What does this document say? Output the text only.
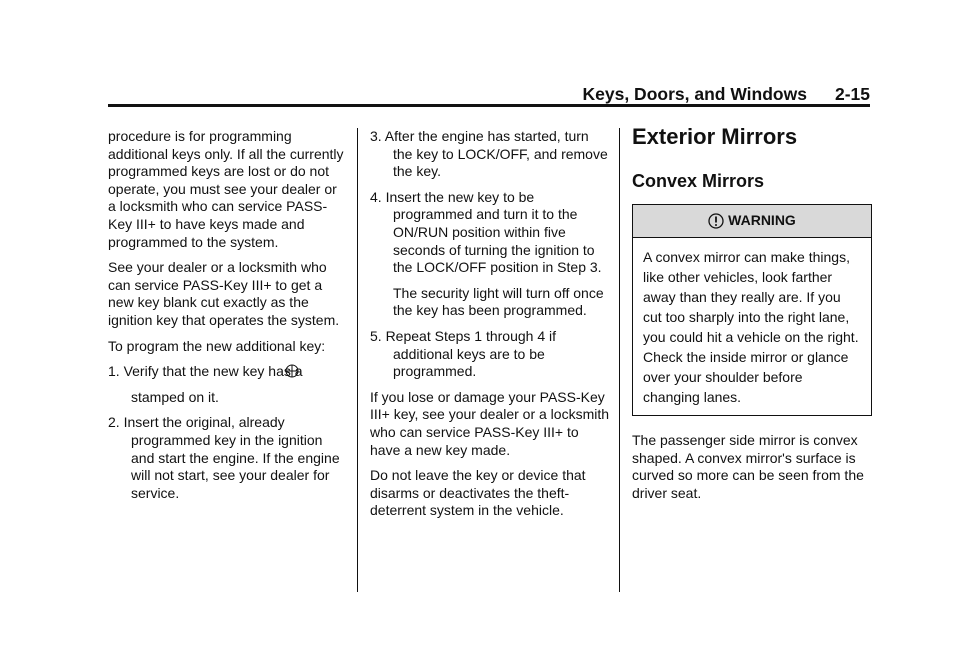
Keys, Doors, and Windows 2-15

procedure is for programming additional keys only. If all the currently programmed keys are lost or do not operate, you must see your dealer or a locksmith who can service PASS-Key III+ to have keys made and programmed to the system.

See your dealer or a locksmith who can service PASS-Key III+ to get a new key blank cut exactly as the ignition key that operates the system.

To program the new additional key:

1. Verify that the new key has a
stamped on it.
2. Insert the original, already programmed key in the ignition and start the engine. If the engine will not start, see your dealer for service.
3. After the engine has started, turn the key to LOCK/OFF, and remove the key.
4. Insert the new key to be programmed and turn it to the ON/RUN position within five seconds of turning the ignition to the LOCK/OFF position in Step 3.
The security light will turn off once the key has been programmed.
5. Repeat Steps 1 through 4 if additional keys are to be programmed.

If you lose or damage your PASS-Key III+ key, see your dealer or a locksmith who can service PASS-Key III+ to have a new key made.

Do not leave the key or device that disarms or deactivates the theft-deterrent system in the vehicle.

Exterior Mirrors
Convex Mirrors
WARNING
A convex mirror can make things, like other vehicles, look farther away than they really are. If you cut too sharply into the right lane, you could hit a vehicle on the right. Check the inside mirror or glance over your shoulder before changing lanes.

The passenger side mirror is convex shaped. A convex mirror's surface is curved so more can be seen from the driver seat.
